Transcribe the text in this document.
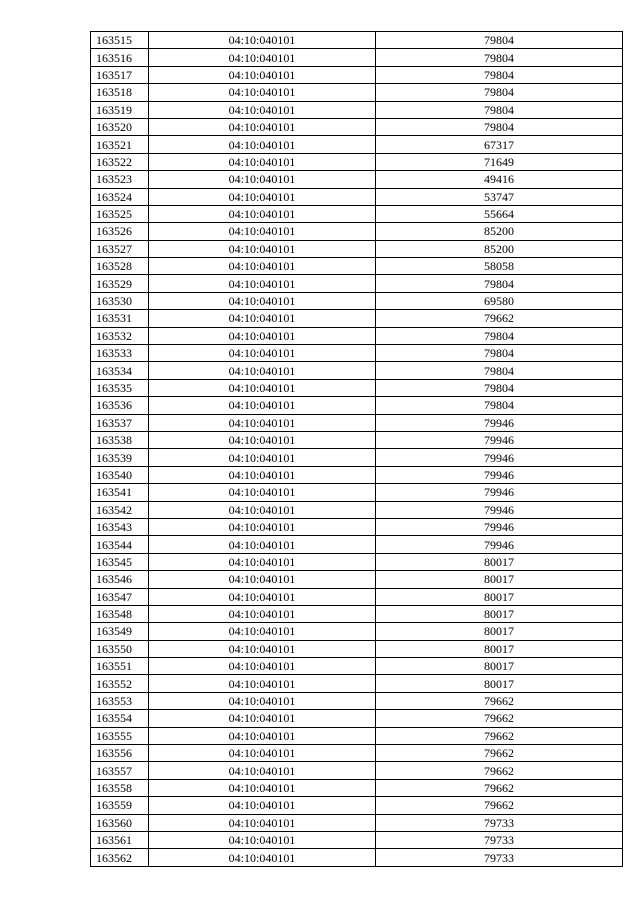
163515	04:10:040101	79804
163516	04:10:040101	79804
163517	04:10:040101	79804
163518	04:10:040101	79804
163519	04:10:040101	79804
163520	04:10:040101	79804
163521	04:10:040101	67317
163522	04:10:040101	71649
163523	04:10:040101	49416
163524	04:10:040101	53747
163525	04:10:040101	55664
163526	04:10:040101	85200
163527	04:10:040101	85200
163528	04:10:040101	58058
163529	04:10:040101	79804
163530	04:10:040101	69580
163531	04:10:040101	79662
163532	04:10:040101	79804
163533	04:10:040101	79804
163534	04:10:040101	79804
163535	04:10:040101	79804
163536	04:10:040101	79804
163537	04:10:040101	79946
163538	04:10:040101	79946
163539	04:10:040101	79946
163540	04:10:040101	79946
163541	04:10:040101	79946
163542	04:10:040101	79946
163543	04:10:040101	79946
163544	04:10:040101	79946
163545	04:10:040101	80017
163546	04:10:040101	80017
163547	04:10:040101	80017
163548	04:10:040101	80017
163549	04:10:040101	80017
163550	04:10:040101	80017
163551	04:10:040101	80017
163552	04:10:040101	80017
163553	04:10:040101	79662
163554	04:10:040101	79662
163555	04:10:040101	79662
163556	04:10:040101	79662
163557	04:10:040101	79662
163558	04:10:040101	79662
163559	04:10:040101	79662
163560	04:10:040101	79733
163561	04:10:040101	79733
163562	04:10:040101	79733
